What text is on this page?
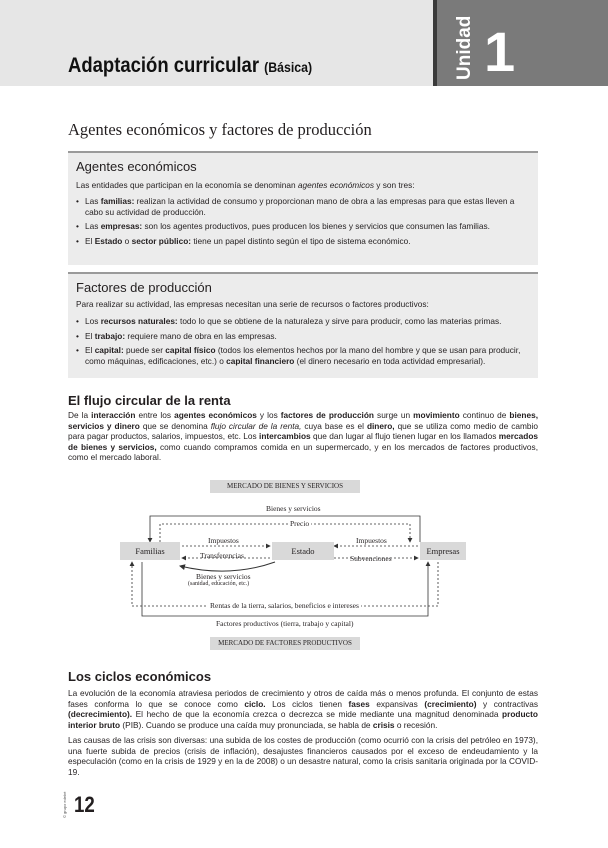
Adaptación curricular (Básica)	Unidad 1
Agentes económicos y factores de producción
Agentes económicos

Las entidades que participan en la economía se denominan agentes económicos y son tres:

• Las familias: realizan la actividad de consumo y proporcionan mano de obra a las empresas para que estas lleven a cabo su actividad de producción.
• Las empresas: son los agentes productivos, pues producen los bienes y servicios que consumen las familias.
• El Estado o sector público: tiene un papel distinto según el tipo de sistema económico.
Factores de producción

Para realizar su actividad, las empresas necesitan una serie de recursos o factores productivos:

• Los recursos naturales: todo lo que se obtiene de la naturaleza y sirve para producir, como las materias primas.
• El trabajo: requiere mano de obra en las empresas.
• El capital: puede ser capital físico (todos los elementos hechos por la mano del hombre y que se usan para producir, como máquinas, edificaciones, etc.) o capital financiero (el dinero necesario en toda actividad empresarial).
El flujo circular de la renta

De la interacción entre los agentes económicos y los factores de producción surge un movimiento continuo de bienes, servicios y dinero que se denomina flujo circular de la renta, cuya base es el dinero, que se utiliza como medio de cambio para pagar productos, salarios, impuestos, etc. Los intercambios que dan lugar al flujo tienen lugar en los llamados mercados de bienes y servicios, como cuando compramos comida en un supermercado, y en los mercados de factores productivos, como el mercado laboral.

MERCADO DE BIENES Y SERVICIOS
Bienes y servicios
Precio
Familias	Estado	Empresas
Impuestos
Transferencias
Impuestos
Subvenciones
Bienes y servicios
(sanidad, educación, etc.)
Rentas de la tierra, salarios, beneficios e intereses
Factores productivos (tierra, trabajo y capital)
MERCADO DE FACTORES PRODUCTIVOS
Los ciclos económicos

La evolución de la economía atraviesa periodos de crecimiento y otros de caída más o menos profunda. El conjunto de estas fases conforma lo que se conoce como ciclo. Los ciclos tienen fases expansivas (crecimiento) y contractivas (decrecimiento). El hecho de que la economía crezca o decrezca se mide mediante una magnitud denominada producto interior bruto (PIB). Cuando se produce una caída muy pronunciada, se habla de crisis o recesión.

Las causas de las crisis son diversas: una subida de los costes de producción (como ocurrió con la crisis del petróleo en 1973), una fuerte subida de precios (crisis de inflación), desajustes financieros causados por el exceso de endeudamiento y la especulación (como en la crisis de 1929 y en la de 2008) o un desastre natural, como la crisis sanitaria originada por la COVID-19.

© grupo edebé 12
